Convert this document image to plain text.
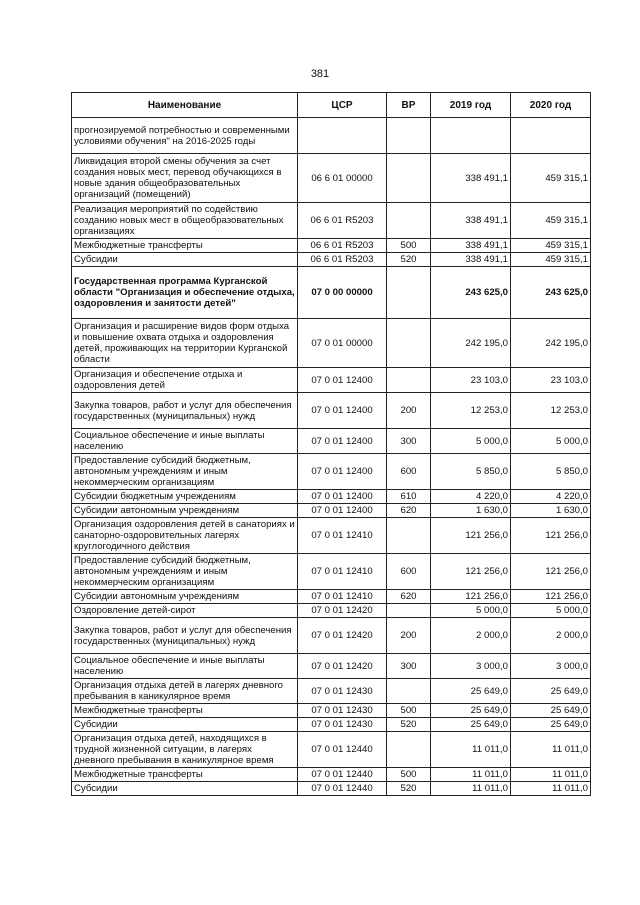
381
Наименование	ЦСР	ВР	2019 год	2020 год
прогнозируемой потребностью и современными условиями обучения" на 2016-2025 годы				
Ликвидация второй смены обучения за счет создания новых мест, перевод обучающихся в новые здания общеобразовательных организаций (помещений)	06 6 01 00000		338 491,1	459 315,1
Реализация мероприятий по содействию созданию новых мест в общеобразовательных организациях	06 6 01 R5203		338 491,1	459 315,1
Межбюджетные трансферты	06 6 01 R5203	500	338 491,1	459 315,1
Субсидии	06 6 01 R5203	520	338 491,1	459 315,1
Государственная программа Курганской области "Организация и обеспечение отдыха, оздоровления и занятости детей"	07 0 00 00000		243 625,0	243 625,0
Организация и расширение видов форм отдыха и повышение охвата отдыха и оздоровления детей, проживающих на территории Курганской области	07 0 01 00000		242 195,0	242 195,0
Организация и обеспечение отдыха и оздоровления детей	07 0 01 12400		23 103,0	23 103,0
Закупка товаров, работ и услуг для обеспечения государственных (муниципальных) нужд	07 0 01 12400	200	12 253,0	12 253,0
Социальное обеспечение и иные выплаты населению	07 0 01 12400	300	5 000,0	5 000,0
Предоставление субсидий бюджетным, автономным учреждениям и иным некоммерческим организациям	07 0 01 12400	600	5 850,0	5 850,0
Субсидии бюджетным учреждениям	07 0 01 12400	610	4 220,0	4 220,0
Субсидии автономным учреждениям	07 0 01 12400	620	1 630,0	1 630,0
Организация оздоровления детей в санаториях и санаторно-оздоровительных лагерях круглогодичного действия	07 0 01 12410		121 256,0	121 256,0
Предоставление субсидий бюджетным, автономным учреждениям и иным некоммерческим организациям	07 0 01 12410	600	121 256,0	121 256,0
Субсидии автономным учреждениям	07 0 01 12410	620	121 256,0	121 256,0
Оздоровление детей-сирот	07 0 01 12420		5 000,0	5 000,0
Закупка товаров, работ и услуг для обеспечения государственных (муниципальных) нужд	07 0 01 12420	200	2 000,0	2 000,0
Социальное обеспечение и иные выплаты населению	07 0 01 12420	300	3 000,0	3 000,0
Организация отдыха детей в лагерях дневного пребывания в каникулярное время	07 0 01 12430		25 649,0	25 649,0
Межбюджетные трансферты	07 0 01 12430	500	25 649,0	25 649,0
Субсидии	07 0 01 12430	520	25 649,0	25 649,0
Организация отдыха детей, находящихся в трудной жизненной ситуации, в лагерях дневного пребывания в каникулярное время	07 0 01 12440		11 011,0	11 011,0
Межбюджетные трансферты	07 0 01 12440	500	11 011,0	11 011,0
Субсидии	07 0 01 12440	520	11 011,0	11 011,0
